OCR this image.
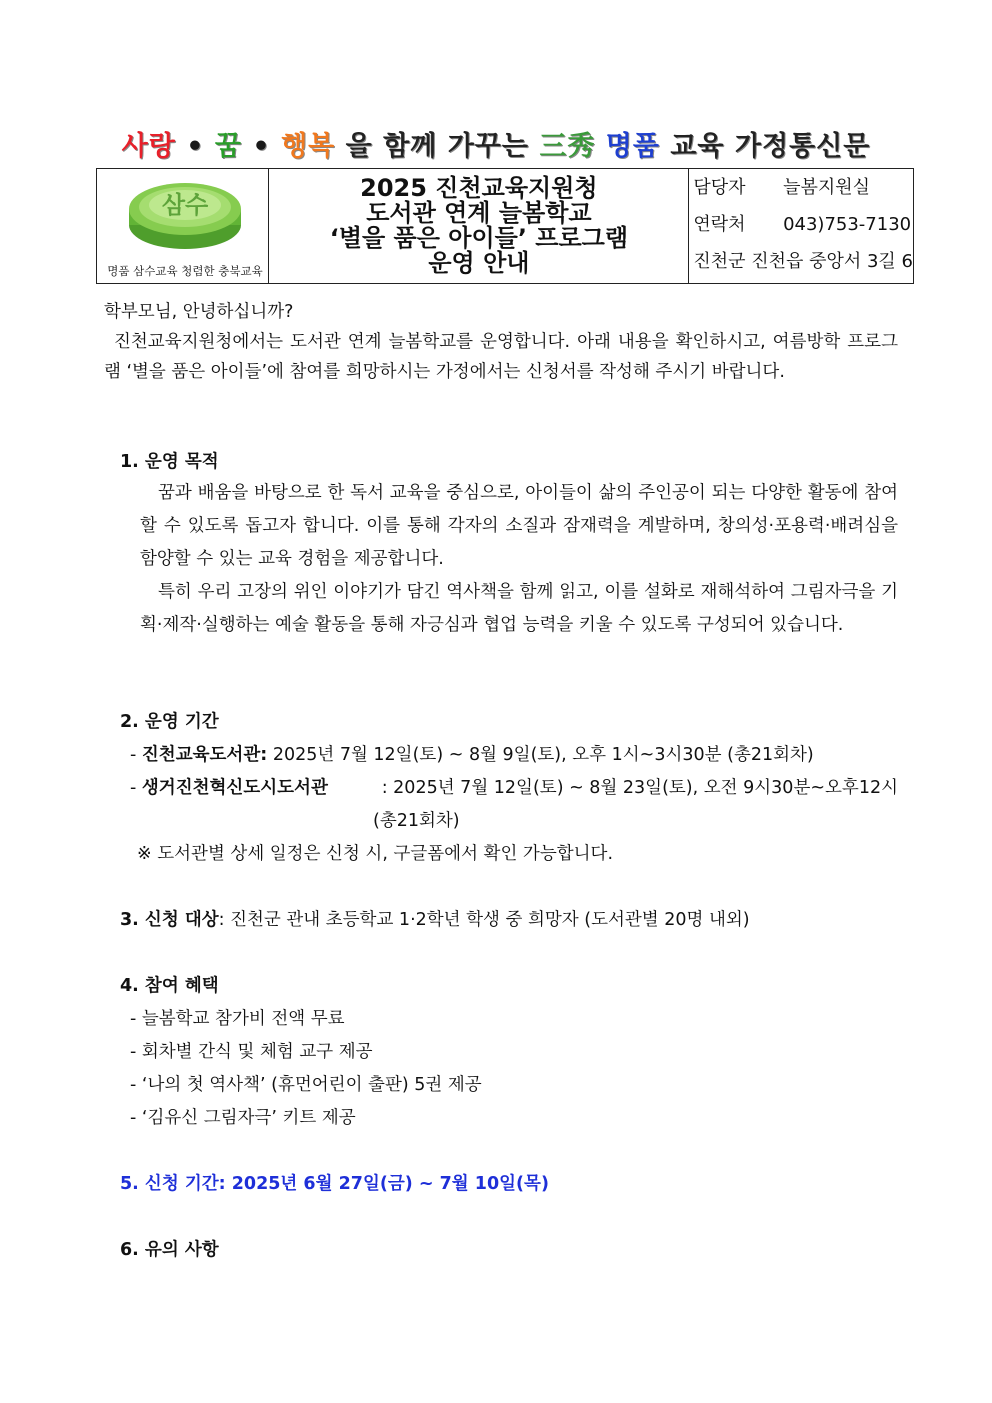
사랑 • 꿈 • 행복 을 함께 가꾸는 三秀 명품 교육 가정통신문
삼수
명품 삼수교육 청렴한 충북교육
2025 진천교육지원청
도서관 연계 늘봄학교
‘별을 품은 아이들’ 프로그램
운영 안내
담당자 늘봄지원실
연락처 043)753-7130
진천군 진천읍 중앙서 3길 6
학부모님, 안녕하십니까?
진천교육지원청에서는 도서관 연계 늘봄학교를 운영합니다. 아래 내용을 확인하시고, 여름방학 프로그램 ‘별을 품은 아이들’에 참여를 희망하시는 가정에서는 신청서를 작성해 주시기 바랍니다.
1. 운영 목적

꿈과 배움을 바탕으로 한 독서 교육을 중심으로, 아이들이 삶의 주인공이 되는 다양한 활동에 참여할 수 있도록 돕고자 합니다. 이를 통해 각자의 소질과 잠재력을 계발하며, 창의성·포용력·배려심을 함양할 수 있는 교육 경험을 제공합니다.

특히 우리 고장의 위인 이야기가 담긴 역사책을 함께 읽고, 이를 설화로 재해석하여 그림자극을 기획·제작·실행하는 예술 활동을 통해 자긍심과 협업 능력을 키울 수 있도록 구성되어 있습니다.

2. 운영 기간
- 진천교육도서관: 2025년 7월 12일(토) ~ 8월 9일(토), 오후 1시~3시30분 (총21회차)
- 생거진천혁신도시도서관	: 2025년 7월 12일(토) ~ 8월 23일(토), 오전 9시30분~오후12시
(총21회차)
※ 도서관별 상세 일정은 신청 시, 구글폼에서 확인 가능합니다.
3. 신청 대상: 진천군 관내 초등학교 1·2학년 학생 중 희망자 (도서관별 20명 내외)
4. 참여 혜택
- 늘봄학교 참가비 전액 무료
- 회차별 간식 및 체험 교구 제공
- ‘나의 첫 역사책’ (휴먼어린이 출판) 5권 제공
- ‘김유신 그림자극’ 키트 제공
5. 신청 기간: 2025년 6월 27일(금) ~ 7월 10일(목)
6. 유의 사항
